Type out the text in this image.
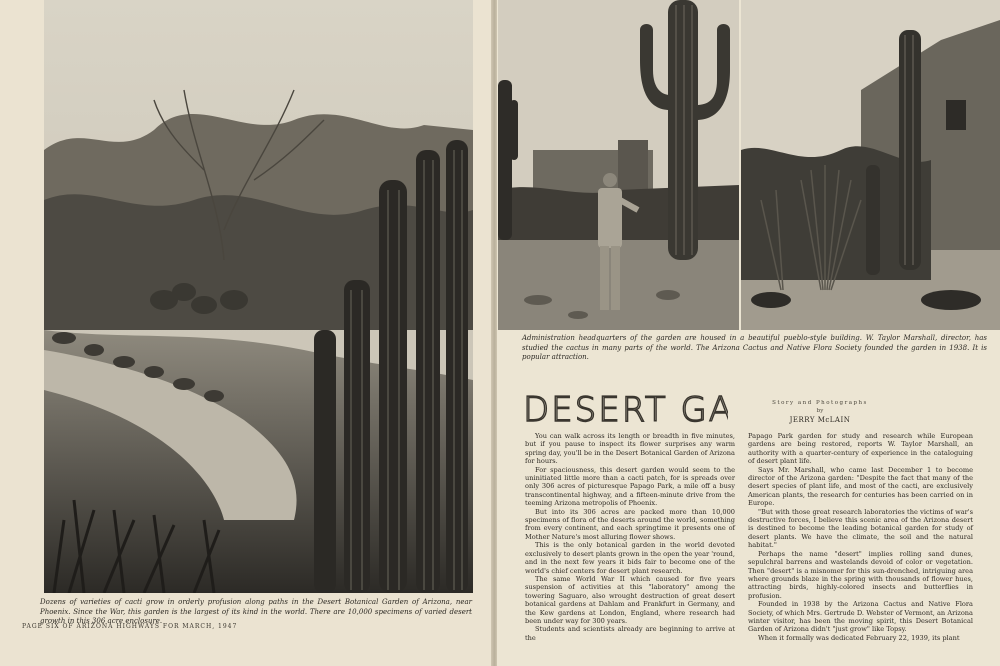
Dozens of varieties of cacti grow in orderly profusion along paths in the Desert Botanical Garden of Arizona, near Phoenix. Since the War, this garden is the largest of its kind in the world. There are 10,000 specimens of varied desert growth in this 306 acre enclosure.
PAGE SIX OF ARIZONA HIGHWAYS FOR MARCH, 1947
Administration headquarters of the garden are housed in a beautiful pueblo-style building. W. Taylor Marshall, director, has studied the cactus in many parts of the world. The Arizona Cactus and Native Flora Society founded the garden in 1938. It is popular attraction.
DESERT GA	Story and Photographs
by
JERRY McLAIN

You can walk across its length or breadth in five minutes, but if you pause to inspect its flower surprises any warm spring day, you'll be in the Desert Botanical Garden of Arizona for hours.

For spaciousness, this desert garden would seem to the uninitiated little more than a cacti patch, for is spreads over only 306 acres of picturesque Papago Park, a mile off a busy transcontinental highway, and a fifteen-minute drive from the teeming Arizona metropolis of Phoenix.

But into its 306 acres are packed more than 10,000 specimens of flora of the deserts around the world, something from every continent, and each springtime it presents one of Mother Nature's most alluring flower shows.

This is the only botanical garden in the world devoted exclusively to desert plants grown in the open the year 'round, and in the next few years it bids fair to become one of the world's chief centers for desert plant research.

The same World War II which caused for five years suspension of activities at this "laboratory" among the towering Saguaro, also wrought destruction of great desert botanical gardens at Dahlam and Frankfurt in Germany, and the Kew gardens at London, England, where research had been under way for 300 years.

Students and scientists already are beginning to arrive at the

Papago Park garden for study and research while European gardens are being restored, reports W. Taylor Marshall, an authority with a quarter-century of experience in the cataloguing of desert plant life.

Says Mr. Marshall, who came last December 1 to become director of the Arizona garden: "Despite the fact that many of the desert species of plant life, and most of the cacti, are exclusively American plants, the research for centuries has been carried on in Europe.

"But with those great research laboratories the victims of war's destructive forces, I believe this scenic area of the Arizona desert is destined to become the leading botanical garden for study of desert plants. We have the climate, the soil and the natural habitat."

Perhaps the name "desert" implies rolling sand dunes, sepulchral barrens and wastelands devoid of color or vegetation. Then "desert" is a misnomer for this sun-drenched, intriguing area where grounds blaze in the spring with thousands of flower hues, attracting birds, highly-colored insects and butterflies in profusion.

Founded in 1938 by the Arizona Cactus and Native Flora Society, of which Mrs. Gertrude D. Webster of Vermont, an Arizona winter visitor, has been the moving spirit, this Desert Botanical Garden of Arizona didn't "just grow" like Topsy.

When it formally was dedicated February 22, 1939, its plant
